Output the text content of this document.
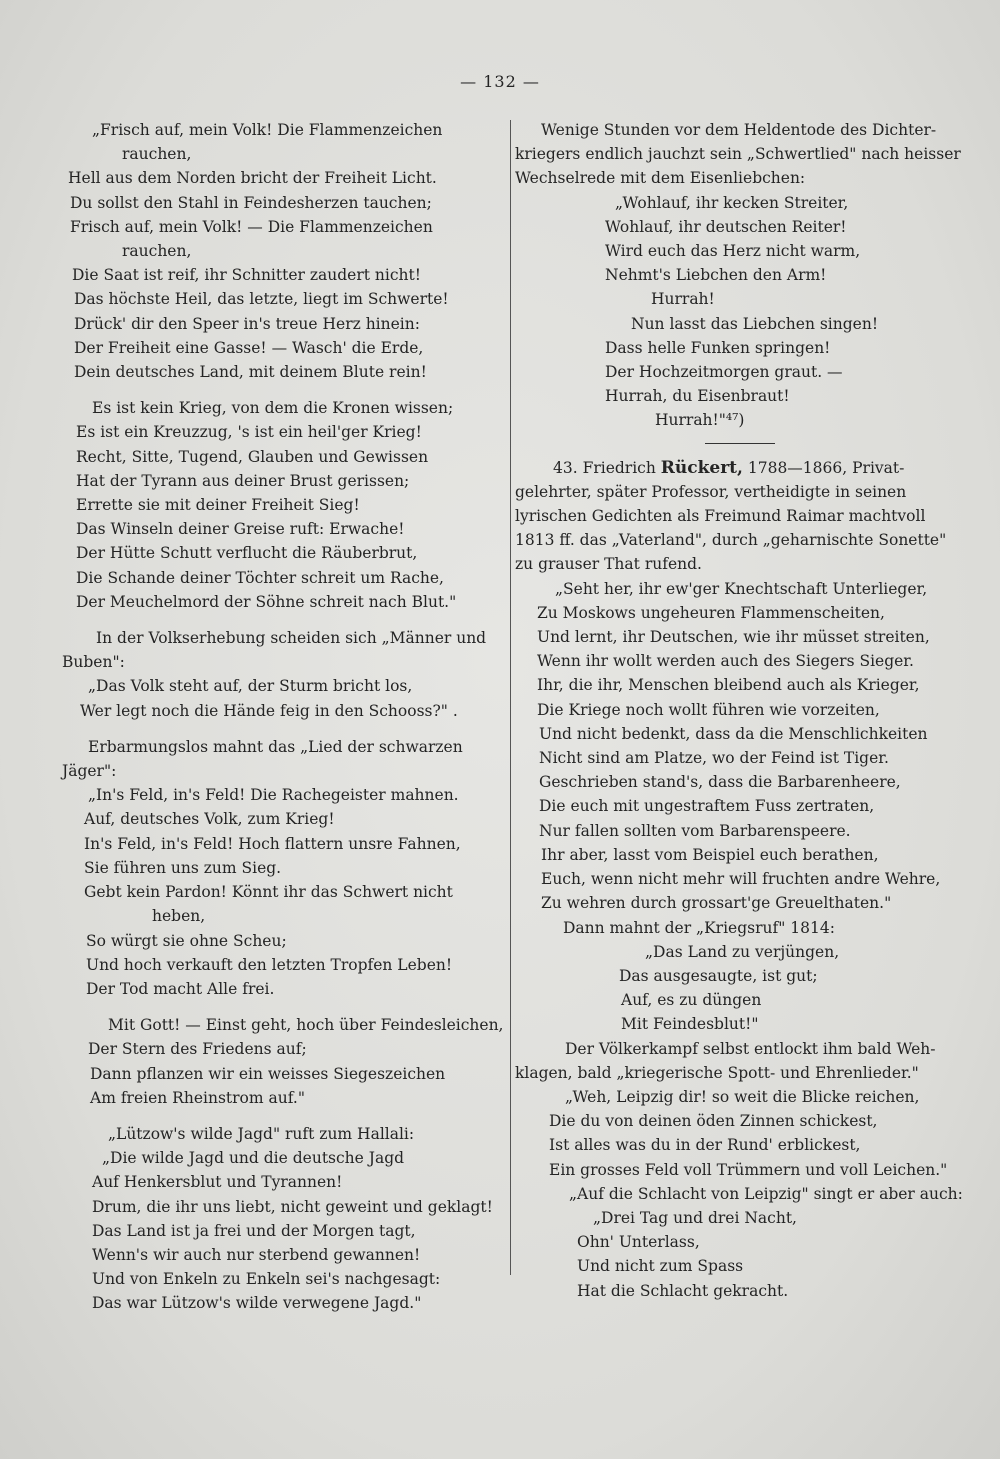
— 132 —
„Frisch auf, mein Volk! Die Flammenzeichen
rauchen,
Hell aus dem Norden bricht der Freiheit Licht.
Du sollst den Stahl in Feindesherzen tauchen;
Frisch auf, mein Volk! — Die Flammenzeichen
rauchen,
Die Saat ist reif, ihr Schnitter zaudert nicht!
Das höchste Heil, das letzte, liegt im Schwerte!
Drück' dir den Speer in's treue Herz hinein:
Der Freiheit eine Gasse! — Wasch' die Erde,
Dein deutsches Land, mit deinem Blute rein!
Es ist kein Krieg, von dem die Kronen wissen;
Es ist ein Kreuzzug, 's ist ein heil'ger Krieg!
Recht, Sitte, Tugend, Glauben und Gewissen
Hat der Tyrann aus deiner Brust gerissen;
Errette sie mit deiner Freiheit Sieg!
Das Winseln deiner Greise ruft: Erwache!
Der Hütte Schutt verflucht die Räuberbrut,
Die Schande deiner Töchter schreit um Rache,
Der Meuchelmord der Söhne schreit nach Blut."
In der Volkserhebung scheiden sich „Männer und
Buben":
„Das Volk steht auf, der Sturm bricht los,
Wer legt noch die Hände feig in den Schooss?" .
Erbarmungslos mahnt das „Lied der schwarzen
Jäger":
„In's Feld, in's Feld! Die Rachegeister mahnen.
Auf, deutsches Volk, zum Krieg!
In's Feld, in's Feld! Hoch flattern unsre Fahnen,
Sie führen uns zum Sieg.
Gebt kein Pardon! Könnt ihr das Schwert nicht
heben,
So würgt sie ohne Scheu;
Und hoch verkauft den letzten Tropfen Leben!
Der Tod macht Alle frei.
Mit Gott! — Einst geht, hoch über Feindesleichen,
Der Stern des Friedens auf;
Dann pflanzen wir ein weisses Siegeszeichen
Am freien Rheinstrom auf."
„Lützow's wilde Jagd" ruft zum Hallali:
„Die wilde Jagd und die deutsche Jagd
Auf Henkersblut und Tyrannen!
Drum, die ihr uns liebt, nicht geweint und geklagt!
Das Land ist ja frei und der Morgen tagt,
Wenn's wir auch nur sterbend gewannen!
Und von Enkeln zu Enkeln sei's nachgesagt:
Das war Lützow's wilde verwegene Jagd."
Wenige Stunden vor dem Heldentode des Dichter-
kriegers endlich jauchzt sein „Schwertlied" nach heisser
Wechselrede mit dem Eisenliebchen:
„Wohlauf, ihr kecken Streiter,
Wohlauf, ihr deutschen Reiter!
Wird euch das Herz nicht warm,
Nehmt's Liebchen den Arm!
Hurrah!
Nun lasst das Liebchen singen!
Dass helle Funken springen!
Der Hochzeitmorgen graut. —
Hurrah, du Eisenbraut!
Hurrah!"⁴⁷)
43. Friedrich Rückert, 1788—1866, Privat-
gelehrter, später Professor, vertheidigte in seinen
lyrischen Gedichten als Freimund Raimar machtvoll
1813 ff. das „Vaterland", durch „geharnischte Sonette"
zu grauser That rufend.
„Seht her, ihr ew'ger Knechtschaft Unterlieger,
Zu Moskows ungeheuren Flammenscheiten,
Und lernt, ihr Deutschen, wie ihr müsset streiten,
Wenn ihr wollt werden auch des Siegers Sieger.
Ihr, die ihr, Menschen bleibend auch als Krieger,
Die Kriege noch wollt führen wie vorzeiten,
Und nicht bedenkt, dass da die Menschlichkeiten
Nicht sind am Platze, wo der Feind ist Tiger.
Geschrieben stand's, dass die Barbarenheere,
Die euch mit ungestraftem Fuss zertraten,
Nur fallen sollten vom Barbarenspeere.
Ihr aber, lasst vom Beispiel euch berathen,
Euch, wenn nicht mehr will fruchten andre Wehre,
Zu wehren durch grossart'ge Greuelthaten."
Dann mahnt der „Kriegsruf" 1814:
„Das Land zu verjüngen,
Das ausgesaugte, ist gut;
Auf, es zu düngen
Mit Feindesblut!"
Der Völkerkampf selbst entlockt ihm bald Weh-
klagen, bald „kriegerische Spott- und Ehrenlieder."
„Weh, Leipzig dir! so weit die Blicke reichen,
Die du von deinen öden Zinnen schickest,
Ist alles was du in der Rund' erblickest,
Ein grosses Feld voll Trümmern und voll Leichen."
„Auf die Schlacht von Leipzig" singt er aber auch:
„Drei Tag und drei Nacht,
Ohn' Unterlass,
Und nicht zum Spass
Hat die Schlacht gekracht.
